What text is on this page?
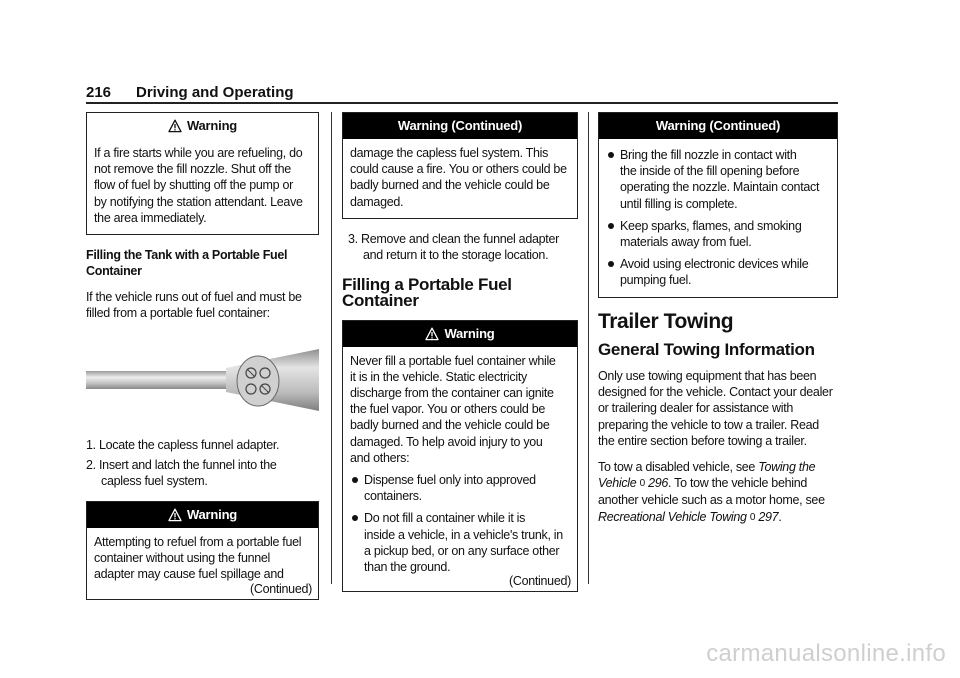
216 Driving and Operating
Warning
If a fire starts while you are refueling, do
not remove the fill nozzle. Shut off the
flow of fuel by shutting off the pump or
by notifying the station attendant. Leave
the area immediately.
Filling the Tank with a Portable Fuel
Container
If the vehicle runs out of fuel and must be
filled from a portable fuel container:
1. Locate the capless funnel adapter.
2. Insert and latch the funnel into the
capless fuel system.
Warning
Attempting to refuel from a portable fuel
container without using the funnel
adapter may cause fuel spillage and
(Continued)
Warning (Continued)
damage the capless fuel system. This
could cause a fire. You or others could be
badly burned and the vehicle could be
damaged.
3. Remove and clean the funnel adapter
and return it to the storage location.
Filling a Portable Fuel Container
Warning
Never fill a portable fuel container while
it is in the vehicle. Static electricity
discharge from the container can ignite
the fuel vapor. You or others could be
badly burned and the vehicle could be
damaged. To help avoid injury to you
and others:
Dispense fuel only into approved
containers.
Do not fill a container while it is
inside a vehicle, in a vehicle's trunk, in
a pickup bed, or on any surface other
than the ground.
(Continued)
Warning (Continued)
Bring the fill nozzle in contact with
the inside of the fill opening before
operating the nozzle. Maintain contact
until filling is complete.
Keep sparks, flames, and smoking
materials away from fuel.
Avoid using electronic devices while
pumping fuel.
Trailer Towing
General Towing Information
Only use towing equipment that has been
designed for the vehicle. Contact your dealer
or trailering dealer for assistance with
preparing the vehicle to tow a trailer. Read
the entire section before towing a trailer.
To tow a disabled vehicle, see Towing the
Vehicle 0 296. To tow the vehicle behind
another vehicle such as a motor home, see
Recreational Vehicle Towing 0 297.
carmanualsonline.info
